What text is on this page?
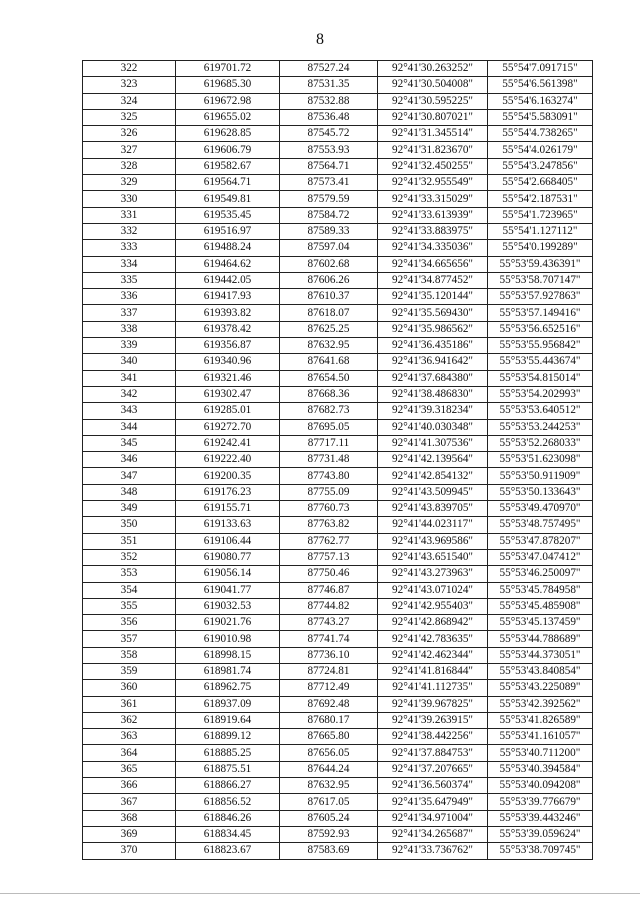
8
322	619701.72	87527.24	92°41'30.263252"	55°54'7.091715"
323	619685.30	87531.35	92°41'30.504008"	55°54'6.561398"
324	619672.98	87532.88	92°41'30.595225"	55°54'6.163274"
325	619655.02	87536.48	92°41'30.807021"	55°54'5.583091"
326	619628.85	87545.72	92°41'31.345514"	55°54'4.738265"
327	619606.79	87553.93	92°41'31.823670"	55°54'4.026179"
328	619582.67	87564.71	92°41'32.450255"	55°54'3.247856"
329	619564.71	87573.41	92°41'32.955549"	55°54'2.668405"
330	619549.81	87579.59	92°41'33.315029"	55°54'2.187531"
331	619535.45	87584.72	92°41'33.613939"	55°54'1.723965"
332	619516.97	87589.33	92°41'33.883975"	55°54'1.127112"
333	619488.24	87597.04	92°41'34.335036"	55°54'0.199289"
334	619464.62	87602.68	92°41'34.665656"	55°53'59.436391"
335	619442.05	87606.26	92°41'34.877452"	55°53'58.707147"
336	619417.93	87610.37	92°41'35.120144"	55°53'57.927863"
337	619393.82	87618.07	92°41'35.569430"	55°53'57.149416"
338	619378.42	87625.25	92°41'35.986562"	55°53'56.652516"
339	619356.87	87632.95	92°41'36.435186"	55°53'55.956842"
340	619340.96	87641.68	92°41'36.941642"	55°53'55.443674"
341	619321.46	87654.50	92°41'37.684380"	55°53'54.815014"
342	619302.47	87668.36	92°41'38.486830"	55°53'54.202993"
343	619285.01	87682.73	92°41'39.318234"	55°53'53.640512"
344	619272.70	87695.05	92°41'40.030348"	55°53'53.244253"
345	619242.41	87717.11	92°41'41.307536"	55°53'52.268033"
346	619222.40	87731.48	92°41'42.139564"	55°53'51.623098"
347	619200.35	87743.80	92°41'42.854132"	55°53'50.911909"
348	619176.23	87755.09	92°41'43.509945"	55°53'50.133643"
349	619155.71	87760.73	92°41'43.839705"	55°53'49.470970"
350	619133.63	87763.82	92°41'44.023117"	55°53'48.757495"
351	619106.44	87762.77	92°41'43.969586"	55°53'47.878207"
352	619080.77	87757.13	92°41'43.651540"	55°53'47.047412"
353	619056.14	87750.46	92°41'43.273963"	55°53'46.250097"
354	619041.77	87746.87	92°41'43.071024"	55°53'45.784958"
355	619032.53	87744.82	92°41'42.955403"	55°53'45.485908"
356	619021.76	87743.27	92°41'42.868942"	55°53'45.137459"
357	619010.98	87741.74	92°41'42.783635"	55°53'44.788689"
358	618998.15	87736.10	92°41'42.462344"	55°53'44.373051"
359	618981.74	87724.81	92°41'41.816844"	55°53'43.840854"
360	618962.75	87712.49	92°41'41.112735"	55°53'43.225089"
361	618937.09	87692.48	92°41'39.967825"	55°53'42.392562"
362	618919.64	87680.17	92°41'39.263915"	55°53'41.826589"
363	618899.12	87665.80	92°41'38.442256"	55°53'41.161057"
364	618885.25	87656.05	92°41'37.884753"	55°53'40.711200"
365	618875.51	87644.24	92°41'37.207665"	55°53'40.394584"
366	618866.27	87632.95	92°41'36.560374"	55°53'40.094208"
367	618856.52	87617.05	92°41'35.647949"	55°53'39.776679"
368	618846.26	87605.24	92°41'34.971004"	55°53'39.443246"
369	618834.45	87592.93	92°41'34.265687"	55°53'39.059624"
370	618823.67	87583.69	92°41'33.736762"	55°53'38.709745"
